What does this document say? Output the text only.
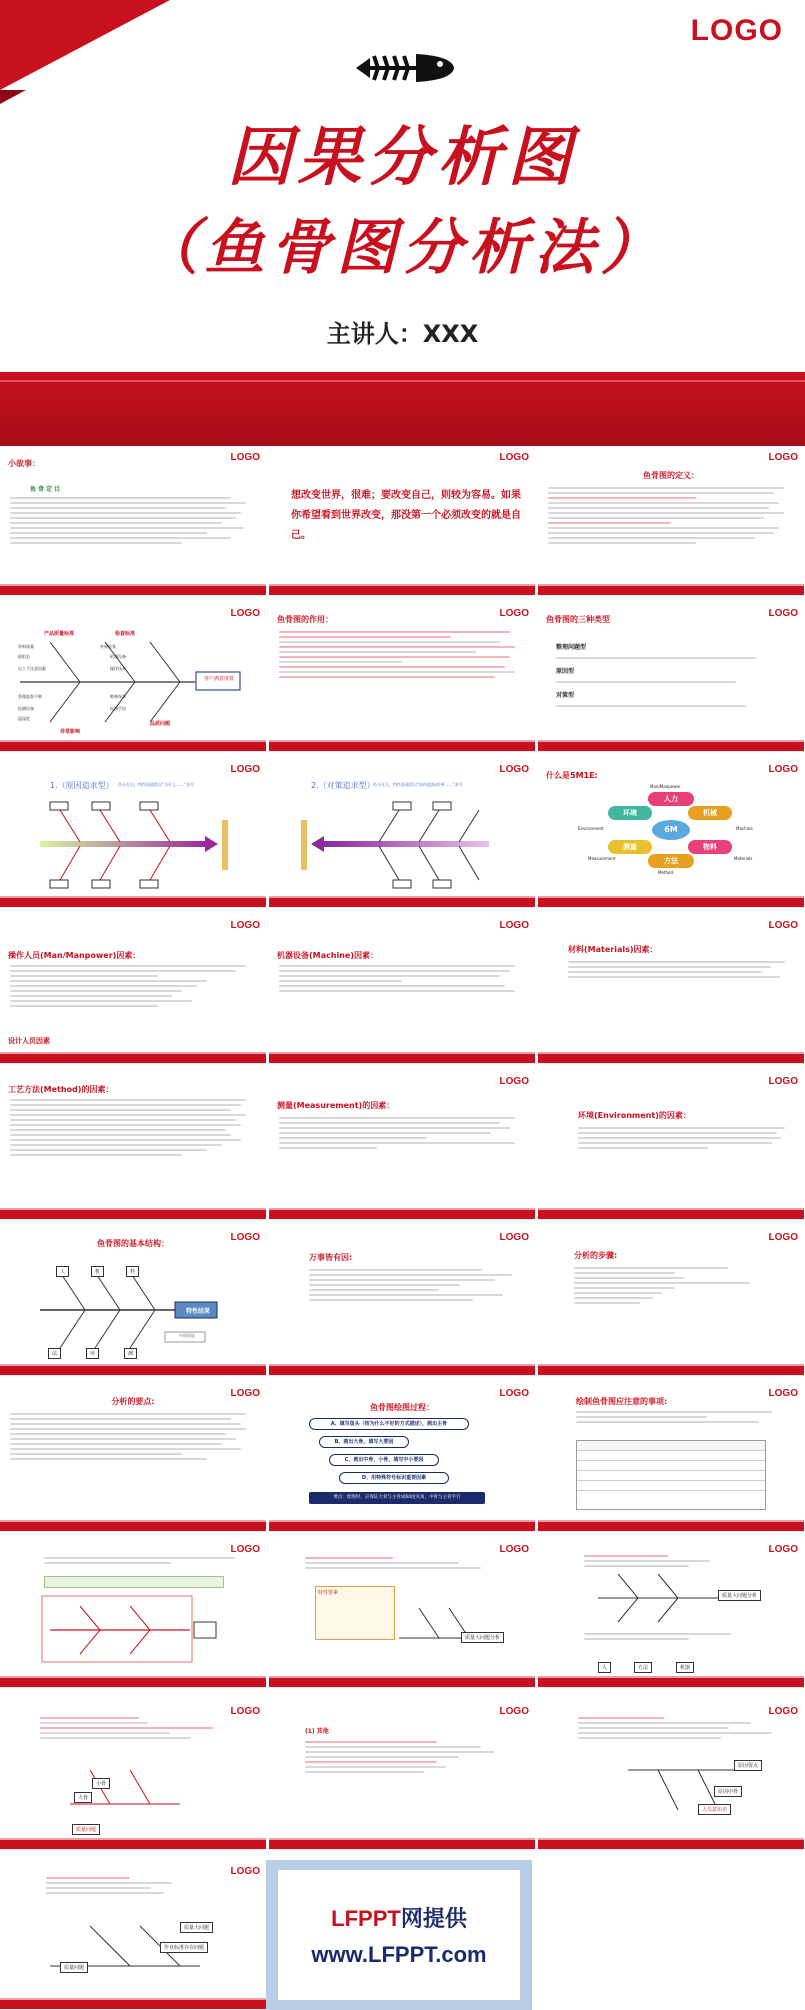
LOGO
因果分析图
（鱼骨图分析法）
主讲人：XXX
LOGO
小故事：
鱼 骨 定 目
LOGO
想改变世界，很难；要改变自己，则较为容易。如果你希望看到世界改变，那没第一个必须改变的就是自己。
LOGO
鱼骨图的定义：
LOGO
产品质量标准	检查标准
材料质量	外观检查
班组长	机器设备
员工不注意因素	操作技术
管理监督不够	维修保养
检测设备	检测手段
温湿度
异常影响
品质问题
客户满意度低
LOGO
鱼骨图的作用：
LOGO
鱼骨图的三种类型
整理问题型
原因型
对策型
LOGO
1.（原因追求型） 鱼头在右，特性值通常以“为什么……”来写
LOGO
2.（对策追求型）
鱼头在左，特性值通常以“如何提高/改善……”来写
LOGO
什么是5M1E:
人力
机械
物料
方法
测量
环境
6M
Man/Manpower
Machine
Materials
Method
Measurement
Environment
LOGO
操作人员(Man/Manpower)因素：
设计人员因素
LOGO
机器设备(Machine)因素：
LOGO
材料(Materials)因素：
工艺方法(Method)的因素：
LOGO
测量(Measurement)的因素：
LOGO
环境(Environment)的因素：
LOGO
鱼骨图的基本结构：
人	机	料
法	环	测
特性结果
中原因说
LOGO
万事皆有因:
LOGO
分析的步骤:
LOGO
分析的要点:
LOGO
鱼骨图绘图过程：
A、填写鱼头（按为什么不好的方式描述），画出主骨
B、画出大骨，填写大要因
C、画出中骨、小骨，填写中小要因
D、用特殊符号标识重要因素
要点：绘图时，应保证大骨与主骨成60度夹角，中骨与主骨平行
LOGO
绘制鱼骨图应注意的事项:
LOGO	LOGO
特性要素
质量大问题分析
LOGO
质量大问题分析
人	方法	机器
LOGO
大骨
小骨
质量问题
LOGO
(1) 其他
LOGO
原因要点
原因中骨
人员意识差
LOGO
质量大问题
作业标准存在问题
质量问题
LFPPT网提供
www.LFPPT.com
